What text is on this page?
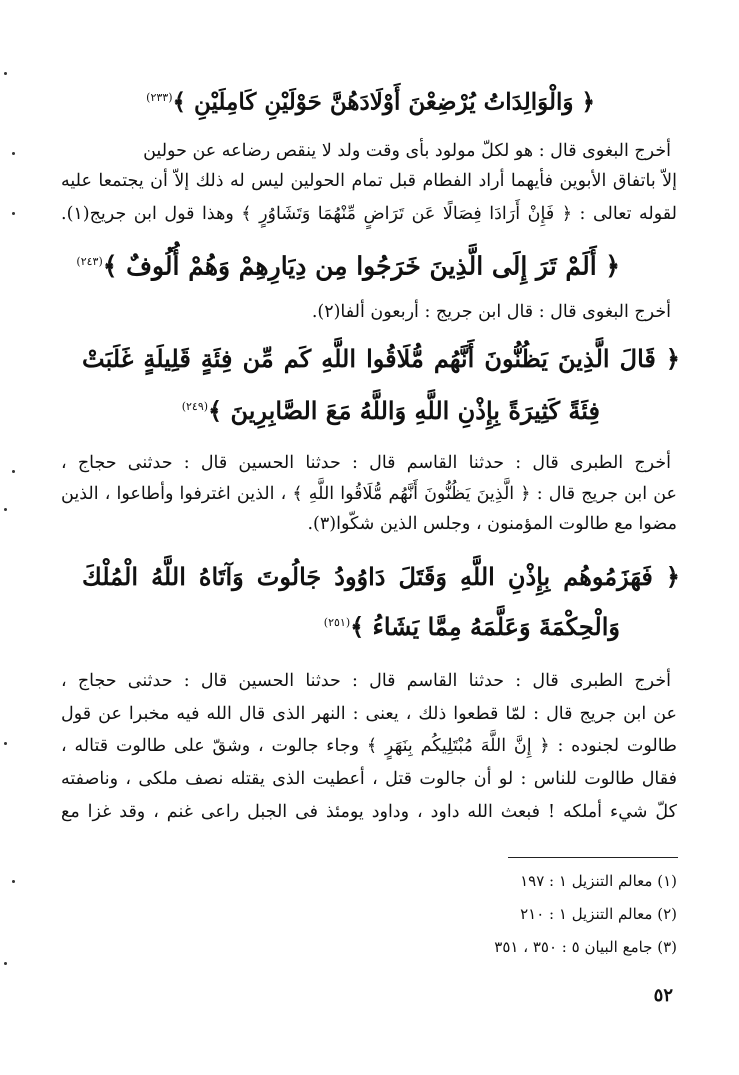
﴿ وَالْوَالِدَاتُ يُرْضِعْنَ أَوْلَادَهُنَّ حَوْلَيْنِ كَامِلَيْنِ ﴾$^{(٢٣٣)}$
أخرج البغوى قال : هو لكلّ مولود بأى وقت ولد لا ينقص رضاعه عن حولين
إلاّ باتفاق الأبوين فأيهما أراد الفطام قبل تمام الحولين ليس له ذلك إلاّ أن يجتمعا عليه
لقوله تعالى : ﴿ فَإِنْ أَرَادَا فِصَالًا عَن تَرَاضٍ مِّنْهُمَا وَتَشَاوُرٍ ﴾ وهذا قول ابن جريج(١).
﴿ أَلَمْ تَرَ إِلَى الَّذِينَ خَرَجُوا مِن دِيَارِهِمْ وَهُمْ أُلُوفٌ ﴾$^{(٢٤٣)}$
أخرج البغوى قال : قال ابن جريج : أربعون ألفا(٢).
﴿ قَالَ الَّذِينَ يَظُنُّونَ أَنَّهُم مُّلَاقُوا اللَّهِ كَم مِّن فِئَةٍ قَلِيلَةٍ غَلَبَتْ
فِئَةً كَثِيرَةً بِإِذْنِ اللَّهِ وَاللَّهُ مَعَ الصَّابِرِينَ ﴾$^{(٢٤٩)}$
أخرج الطبرى قال : حدثنا القاسم قال : حدثنا الحسين قال : حدثنى حجاج ،
عن ابن جريج قال : ﴿ الَّذِينَ يَظُنُّونَ أَنَّهُم مُّلَاقُوا اللَّهِ ﴾ ، الذين اغترفوا وأطاعوا ، الذين
مضوا مع طالوت المؤمنون ، وجلس الذين شكّوا(٣).
﴿ فَهَزَمُوهُم بِإِذْنِ اللَّهِ وَقَتَلَ دَاوُودُ جَالُوتَ وَآتَاهُ اللَّهُ الْمُلْكَ
وَالْحِكْمَةَ وَعَلَّمَهُ مِمَّا يَشَاءُ ﴾$^{(٢٥١)}$
أخرج الطبرى قال : حدثنا القاسم قال : حدثنا الحسين قال : حدثنى حجاج ،
عن ابن جريج قال : لمّا قطعوا ذلك ، يعنى : النهر الذى قال الله فيه مخبرا عن قول
طالوت لجنوده : ﴿ إِنَّ اللَّهَ مُبْتَلِيكُم بِنَهَرٍ ﴾ وجاء جالوت ، وشقّ على طالوت قتاله ،
فقال طالوت للناس : لو أن جالوت قتل ، أعطيت الذى يقتله نصف ملكى ، وناصفته
كلّ شيء أملكه ! فبعث الله داود ، وداود يومئذ فى الجبل راعى غنم ، وقد غزا مع
(١) معالم التنزيل ١ : ١٩٧
(٢) معالم التنزيل ١ : ٢١٠
(٣) جامع البيان ٥ : ٣٥٠ ، ٣٥١
٥٢
